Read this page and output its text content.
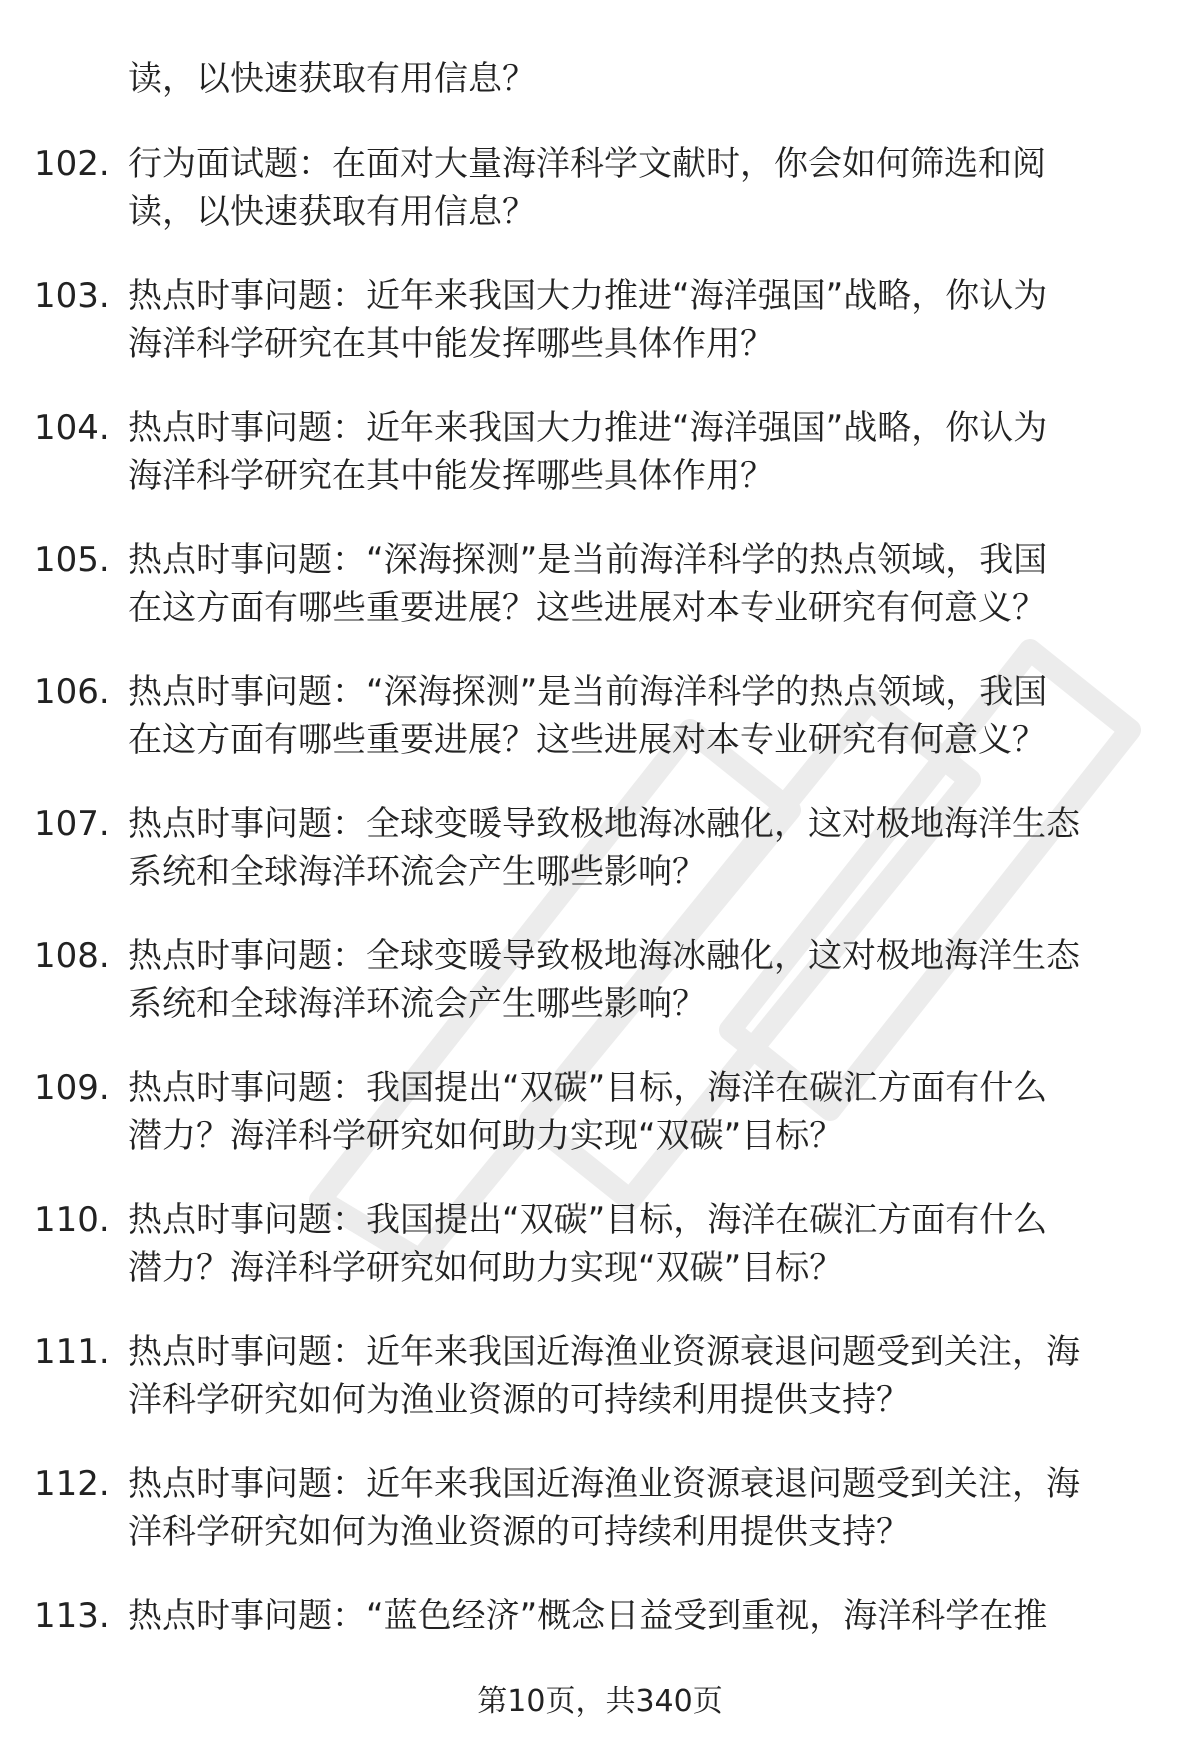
读，以快速获取有用信息？
102. 行为面试题：在面对大量海洋科学文献时，你会如何筛选和阅
读，以快速获取有用信息？
103. 热点时事问题：近年来我国大力推进“海洋强国”战略，你认为
海洋科学研究在其中能发挥哪些具体作用？
104. 热点时事问题：近年来我国大力推进“海洋强国”战略，你认为
海洋科学研究在其中能发挥哪些具体作用？
105. 热点时事问题：“深海探测”是当前海洋科学的热点领域，我国
在这方面有哪些重要进展？这些进展对本专业研究有何意义？
106. 热点时事问题：“深海探测”是当前海洋科学的热点领域，我国
在这方面有哪些重要进展？这些进展对本专业研究有何意义？
107. 热点时事问题：全球变暖导致极地海冰融化，这对极地海洋生态
系统和全球海洋环流会产生哪些影响？
108. 热点时事问题：全球变暖导致极地海冰融化，这对极地海洋生态
系统和全球海洋环流会产生哪些影响？
109. 热点时事问题：我国提出“双碳”目标，海洋在碳汇方面有什么
潜力？海洋科学研究如何助力实现“双碳”目标？
110. 热点时事问题：我国提出“双碳”目标，海洋在碳汇方面有什么
潜力？海洋科学研究如何助力实现“双碳”目标？
111. 热点时事问题：近年来我国近海渔业资源衰退问题受到关注，海
洋科学研究如何为渔业资源的可持续利用提供支持？
112. 热点时事问题：近年来我国近海渔业资源衰退问题受到关注，海
洋科学研究如何为渔业资源的可持续利用提供支持？
113. 热点时事问题：“蓝色经济”概念日益受到重视，海洋科学在推
第10页，共340页
